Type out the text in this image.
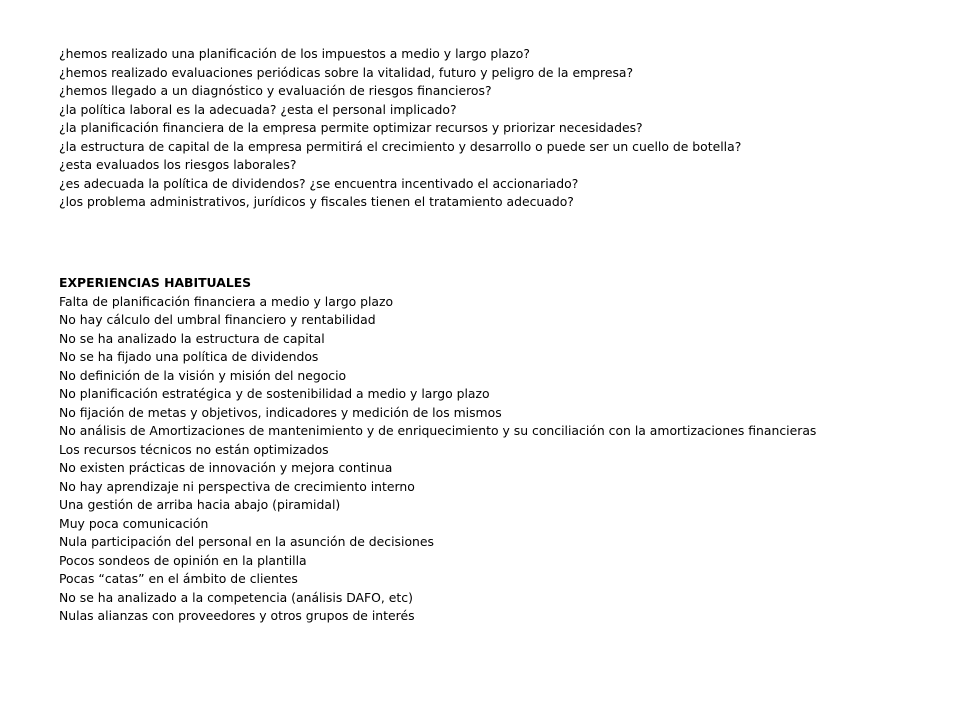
¿hemos realizado una planificación de los impuestos a medio y largo plazo?
¿hemos realizado evaluaciones periódicas sobre la vitalidad, futuro y peligro de la empresa?
¿hemos llegado a un diagnóstico y evaluación de riesgos financieros?
¿la política laboral es la adecuada? ¿esta el personal implicado?
¿la planificación financiera de la empresa permite optimizar recursos y priorizar necesidades?
¿la estructura de capital de la empresa permitirá el crecimiento y desarrollo o puede ser un cuello de botella?
¿esta evaluados los riesgos laborales?
¿es adecuada la política de dividendos? ¿se encuentra incentivado el accionariado?
¿los problema administrativos, jurídicos y fiscales tienen el tratamiento adecuado?
EXPERIENCIAS HABITUALES
Falta de planificación financiera a medio y largo plazo
No hay cálculo del umbral financiero y rentabilidad
No se ha analizado la estructura de capital
No se ha fijado una política de dividendos
No definición de la visión y misión del negocio
No planificación estratégica y de sostenibilidad a medio y largo plazo
No fijación de metas y objetivos, indicadores y medición de los mismos
No análisis de Amortizaciones de mantenimiento y de enriquecimiento y su conciliación con la amortizaciones financieras
Los recursos técnicos no están optimizados
No existen prácticas de innovación y mejora continua
No hay aprendizaje ni perspectiva de crecimiento interno
Una gestión de arriba hacia abajo (piramidal)
Muy poca comunicación
Nula participación del personal en la asunción de decisiones
Pocos sondeos de opinión en la plantilla
Pocas “catas” en el ámbito de clientes
No se ha analizado a la competencia (análisis DAFO, etc)
Nulas alianzas con proveedores y otros grupos de interés
